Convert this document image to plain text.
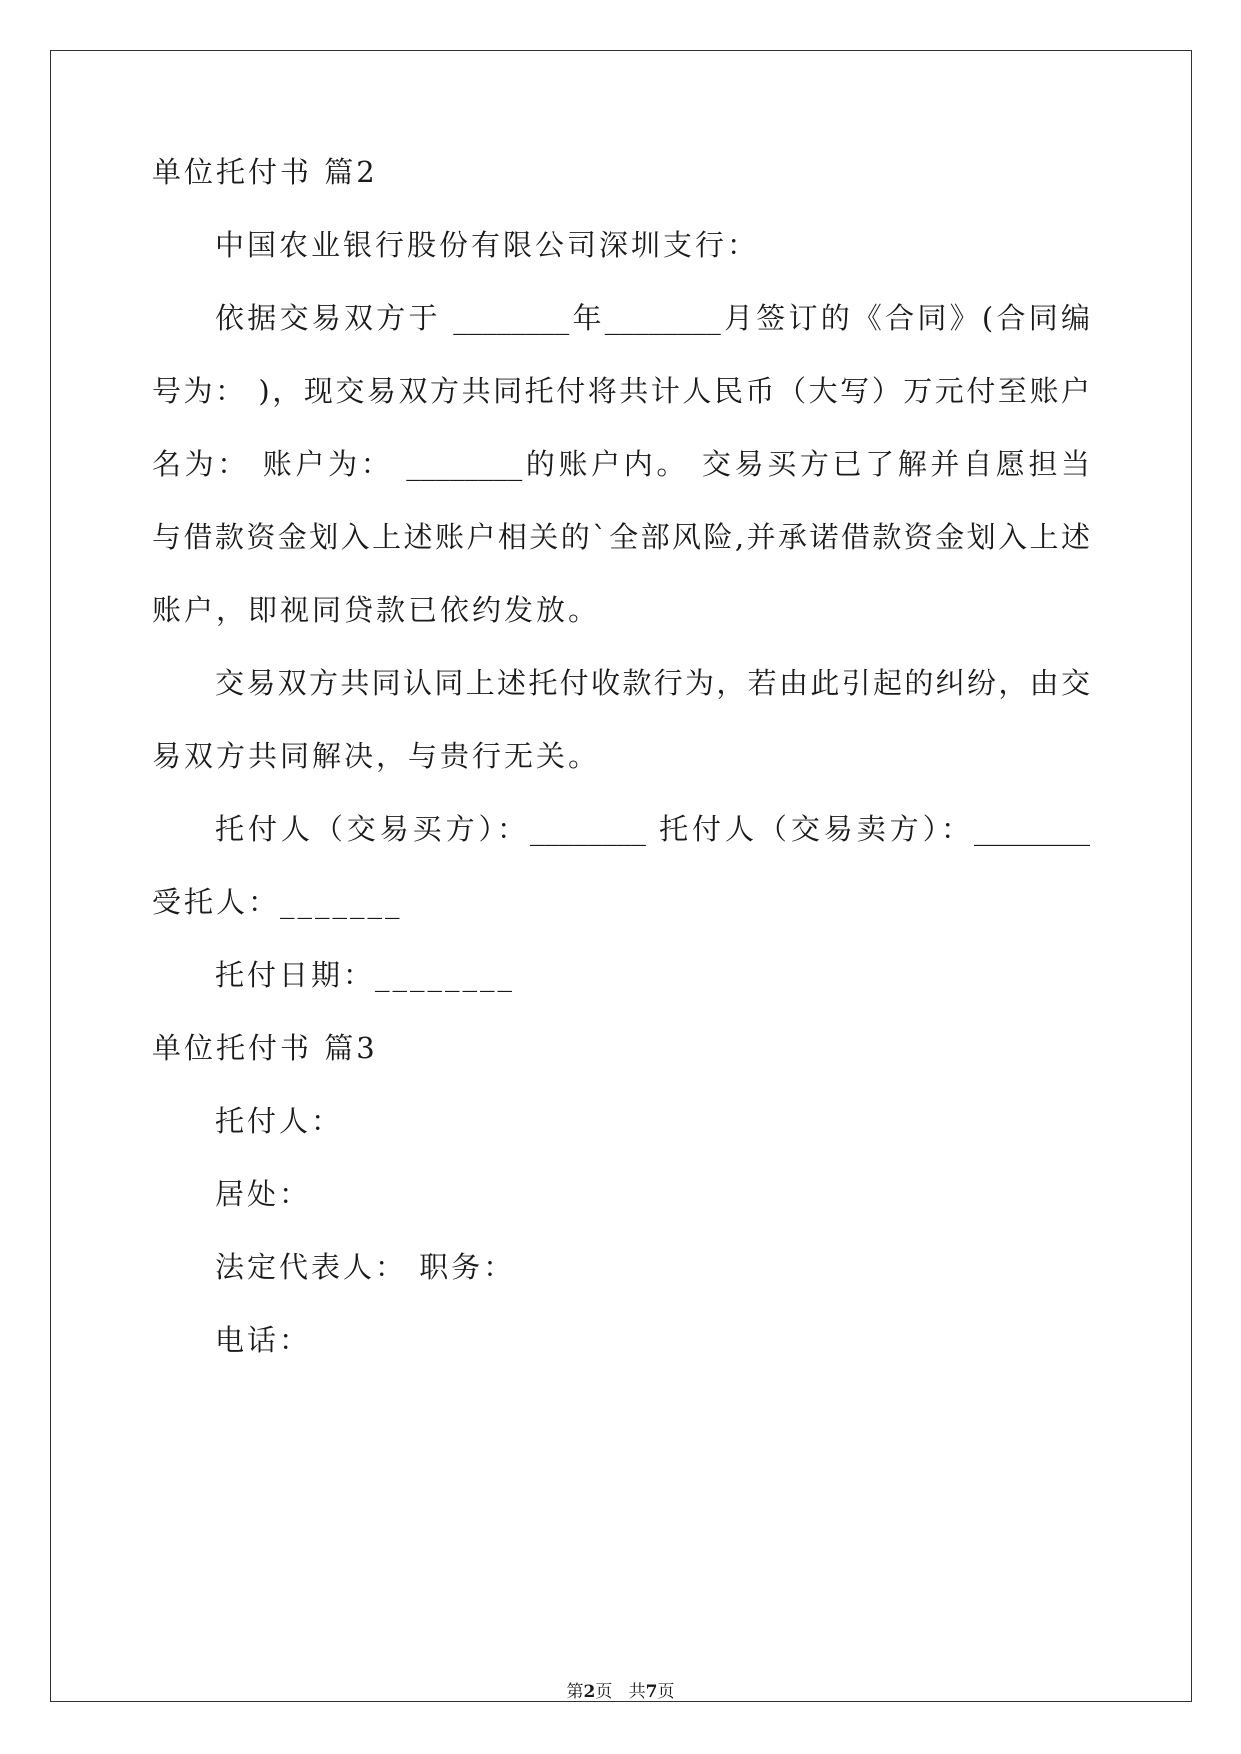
单位托付书 篇2
中国农业银行股份有限公司深圳支行：
依据交易双方于 ________年________月签订的《合同》(合同编
号为： )，现交易双方共同托付将共计人民币（大写）万元付至账户
名为： 账户为： ________的账户内。 交易买方已了解并自愿担当
与借款资金划入上述账户相关的`全部风险,并承诺借款资金划入上述
账户，即视同贷款已依约发放。
交易双方共同认同上述托付收款行为，若由此引起的纠纷，由交
易双方共同解决，与贵行无关。
托付人（交易买方）：________ 托付人（交易卖方）：________
受托人：_______
托付日期：________
单位托付书 篇3
托付人：
居处：
法定代表人： 职务：
电话：
第2页   共7页
